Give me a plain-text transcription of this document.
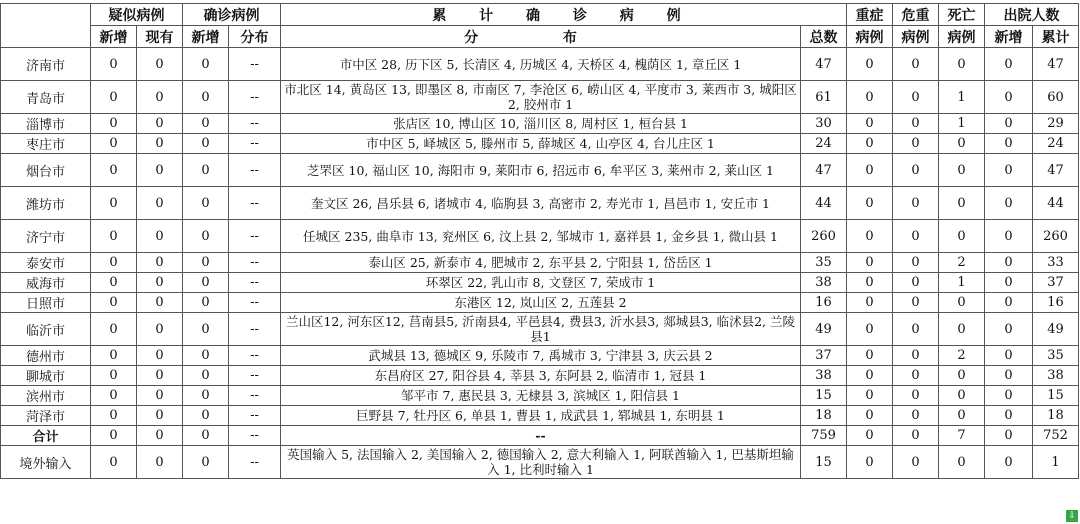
	疑似病例		确诊病例		累 计 确 诊 病 例		重症	危重	死亡	出院人数	
	新增	现有	新增	分布	分 布	总数	病例	病例	病例	新增	累计
济南市	0	0	0	--	市中区 28, 历下区 5, 长清区 4, 历城区 4, 天桥区 4, 槐荫区 1, 章丘区 1	47	0	0	0	0	47
青岛市	0	0	0	--	市北区 14, 黄岛区 13, 即墨区 8, 市南区 7, 李沧区 6, 崂山区 4, 平度市 3, 莱西市 3, 城阳区 2, 胶州市 1	61	0	0	1	0	60
淄博市	0	0	0	--	张店区 10, 博山区 10, 淄川区 8, 周村区 1, 桓台县 1	30	0	0	1	0	29
枣庄市	0	0	0	--	市中区 5, 峄城区 5, 滕州市 5, 薛城区 4, 山亭区 4, 台儿庄区 1	24	0	0	0	0	24
烟台市	0	0	0	--	芝罘区 10, 福山区 10, 海阳市 9, 莱阳市 6, 招远市 6, 牟平区 3, 莱州市 2, 莱山区 1	47	0	0	0	0	47
潍坊市	0	0	0	--	奎文区 26, 昌乐县 6, 诸城市 4, 临朐县 3, 高密市 2, 寿光市 1, 昌邑市 1, 安丘市 1	44	0	0	0	0	44
济宁市	0	0	0	--	任城区 235, 曲阜市 13, 兖州区 6, 汶上县 2, 邹城市 1, 嘉祥县 1, 金乡县 1, 微山县 1	260	0	0	0	0	260
泰安市	0	0	0	--	泰山区 25, 新泰市 4, 肥城市 2, 东平县 2, 宁阳县 1, 岱岳区 1	35	0	0	2	0	33
威海市	0	0	0	--	环翠区 22, 乳山市 8, 文登区 7, 荣成市 1	38	0	0	1	0	37
日照市	0	0	0	--	东港区 12, 岚山区 2, 五莲县 2	16	0	0	0	0	16
临沂市	0	0	0	--	兰山区12, 河东区12, 莒南县5, 沂南县4, 平邑县4, 费县3, 沂水县3, 郯城县3, 临沭县2, 兰陵县1	49	0	0	0	0	49
德州市	0	0	0	--	武城县 13, 德城区 9, 乐陵市 7, 禹城市 3, 宁津县 3, 庆云县 2	37	0	0	2	0	35
聊城市	0	0	0	--	东昌府区 27, 阳谷县 4, 莘县 3, 东阿县 2, 临清市 1, 冠县 1	38	0	0	0	0	38
滨州市	0	0	0	--	邹平市 7, 惠民县 3, 无棣县 3, 滨城区 1, 阳信县 1	15	0	0	0	0	15
菏泽市	0	0	0	--	巨野县 7, 牡丹区 6, 单县 1, 曹县 1, 成武县 1, 郓城县 1, 东明县 1	18	0	0	0	0	18
合计	0	0	0	--	--	759	0	0	7	0	752
境外输入	0	0	0	--	英国输入 5, 法国输入 2, 美国输入 2, 德国输入 2, 意大利输入 1, 阿联酋输入 1, 巴基斯坦输入 1, 比利时输入 1	15	0	0	0	0	1
⇩
